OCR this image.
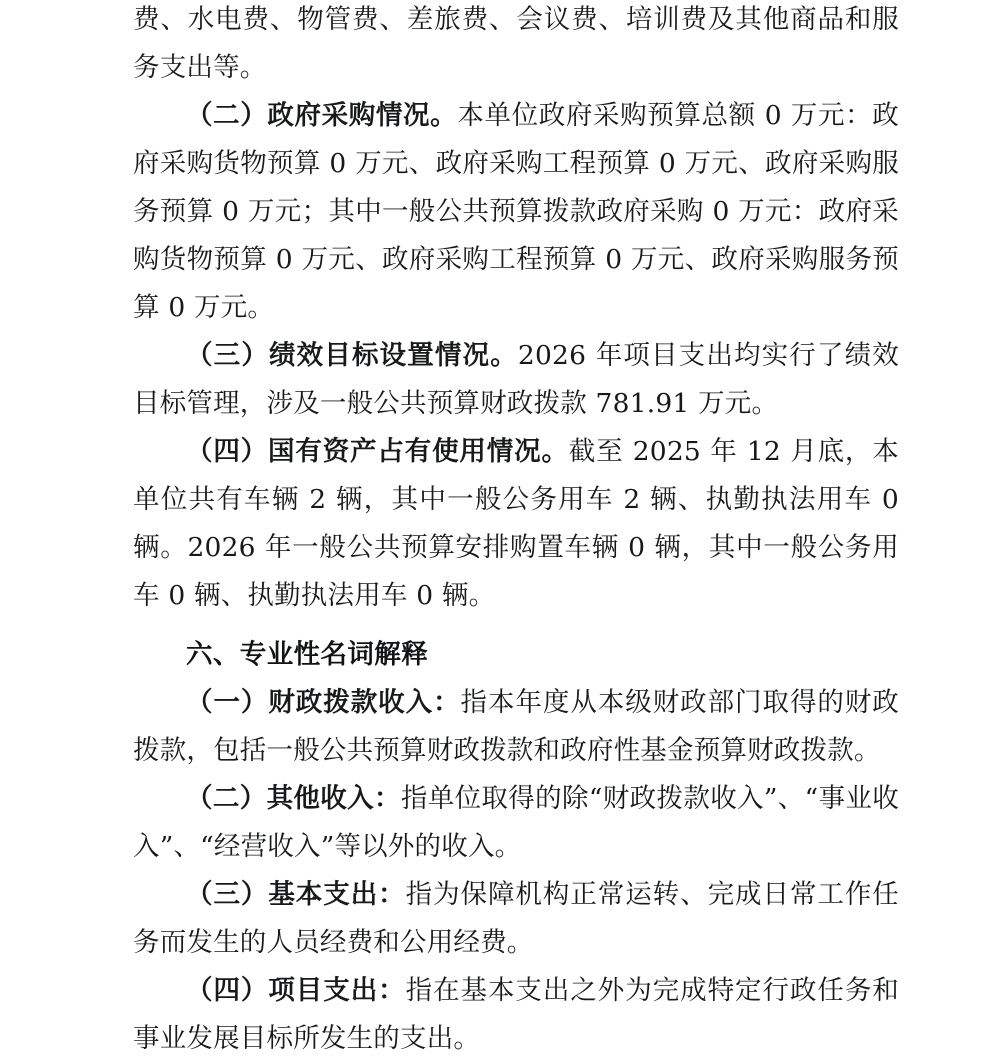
费、水电费、物管费、差旅费、会议费、培训费及其他商品和服务支出等。

（二）政府采购情况。本单位政府采购预算总额 0 万元：政府采购货物预算 0 万元、政府采购工程预算 0 万元、政府采购服务预算 0 万元；其中一般公共预算拨款政府采购 0 万元：政府采购货物预算 0 万元、政府采购工程预算 0 万元、政府采购服务预算 0 万元。

（三）绩效目标设置情况。2026 年项目支出均实行了绩效目标管理，涉及一般公共预算财政拨款 781.91 万元。

（四）国有资产占有使用情况。截至 2025 年 12 月底，本单位共有车辆 2 辆，其中一般公务用车 2 辆、执勤执法用车 0 辆。2026 年一般公共预算安排购置车辆 0 辆，其中一般公务用车 0 辆、执勤执法用车 0 辆。

六、专业性名词解释

（一）财政拨款收入：指本年度从本级财政部门取得的财政拨款，包括一般公共预算财政拨款和政府性基金预算财政拨款。

（二）其他收入：指单位取得的除“财政拨款收入”、“事业收入”、“经营收入”等以外的收入。

（三）基本支出：指为保障机构正常运转、完成日常工作任务而发生的人员经费和公用经费。

（四）项目支出：指在基本支出之外为完成特定行政任务和事业发展目标所发生的支出。
